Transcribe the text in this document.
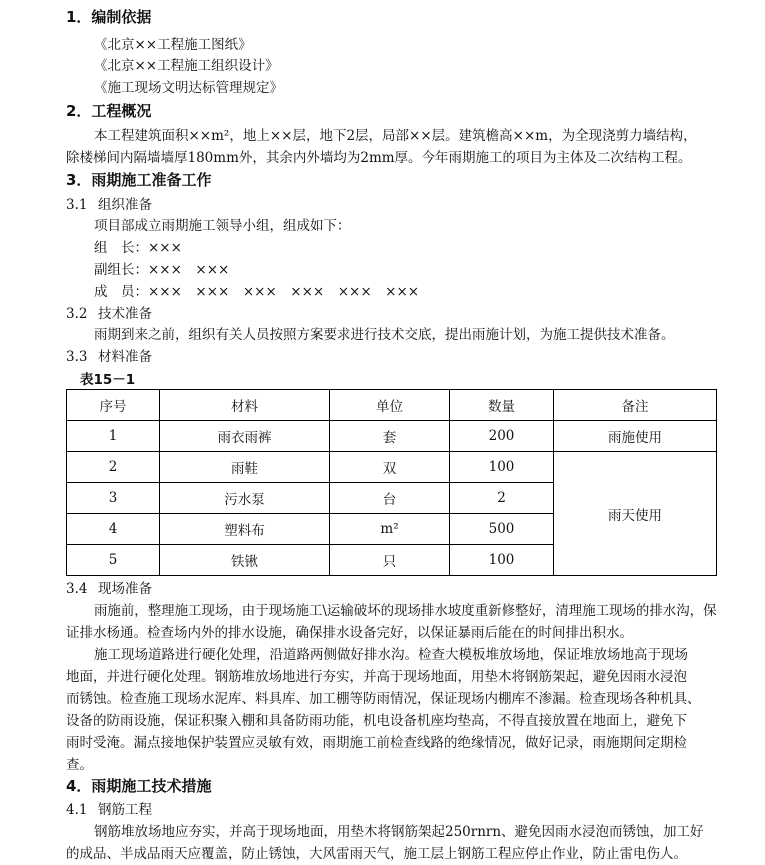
1．编制依据
《北京××工程施工图纸》
《北京××工程施工组织设计》
《施工现场文明达标管理规定》
2．工程概况
本工程建筑面积××m²，地上××层，地下2层，局部××层。建筑檐高××m，为全现浇剪力墙结构，
除楼梯间内隔墙墙厚180mm外，其余内外墙均为2mm厚。今年雨期施工的项目为主体及二次结构工程。
3．雨期施工准备工作
3.1 组织准备
项目部成立雨期施工领导小组，组成如下：
组　长：×××
副组长：×××　×××
成　员：×××　×××　×××　×××　×××　×××
3.2 技术准备
雨期到来之前，组织有关人员按照方案要求进行技术交底，提出雨施计划，为施工提供技术准备。
3.3 材料准备
表15－1
序号	材料	单位	数量	备注
1	雨衣雨裤	套	200	雨施使用
2	雨鞋	双	100	雨天使用
3	污水泵	台	2	
4	塑料布	m²	500	
5	铁锹	只	100	
3.4 现场准备
雨施前，整理施工现场，由于现场施工\运输破坏的现场排水坡度重新修整好，清理施工现场的排水沟，保
证排水杨通。检查场内外的排水设施，确保排水设备完好，以保证暴雨后能在的时间排出积水。
施工现场道路进行硬化处理，沿道路两侧做好排水沟。检查大模板堆放场地，保证堆放场地高于现场
地面，并进行硬化处理。钢筋堆放场地进行夯实，并高于现场地面，用垫木将钢筋架起，避免因雨水浸泡
而锈蚀。检查施工现场水泥库、料具库、加工棚等防雨情况，保证现场内棚库不渗漏。检查现场各种机具、
设备的防雨设施，保证积聚入棚和具备防雨功能，机电设备机座均垫高，不得直接放置在地面上，避免下
雨时受淹。漏点接地保护装置应灵敏有效，雨期施工前检查线路的绝缘情况，做好记录，雨施期间定期检
查。
4．雨期施工技术措施
4.1 钢筋工程
钢筋堆放场地应夯实，并高于现场地面，用垫木将钢筋架起250rnrn、避免因雨水浸泡而锈蚀，加工好
的成品、半成品雨天应覆盖，防止锈蚀，大风雷雨天气，施工层上钢筋工程应停止作业，防止雷电伤人。
